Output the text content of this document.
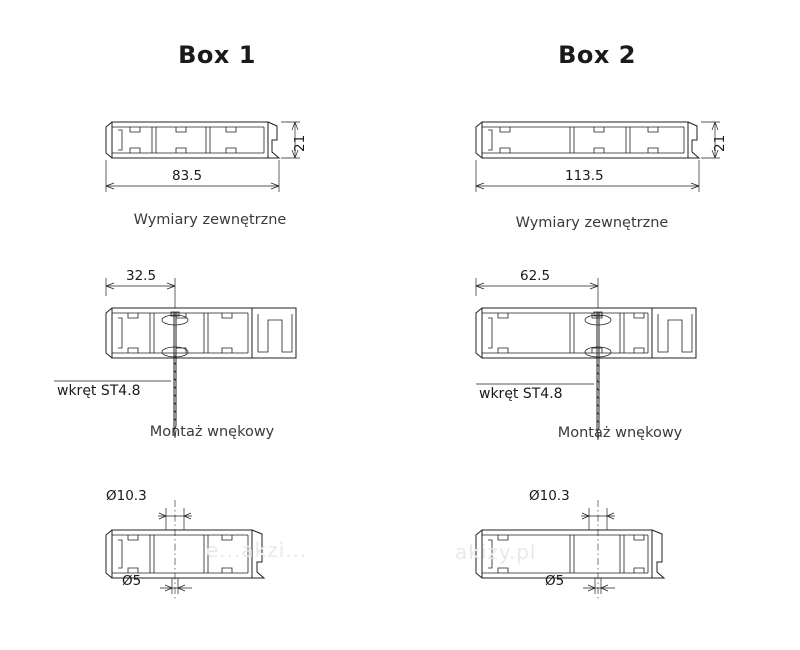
Box 1	Box 2
83.5
21
32.5
wkręt ST4.8
Ø10.3
Ø5
113.5
21
62.5
wkręt ST4.8
Ø10.3
Ø5
Wymiary zewnętrzne	Wymiary zewnętrzne
Montaż wnękowy	Montaż wnękowy
e...akzi...	akizy.pl
